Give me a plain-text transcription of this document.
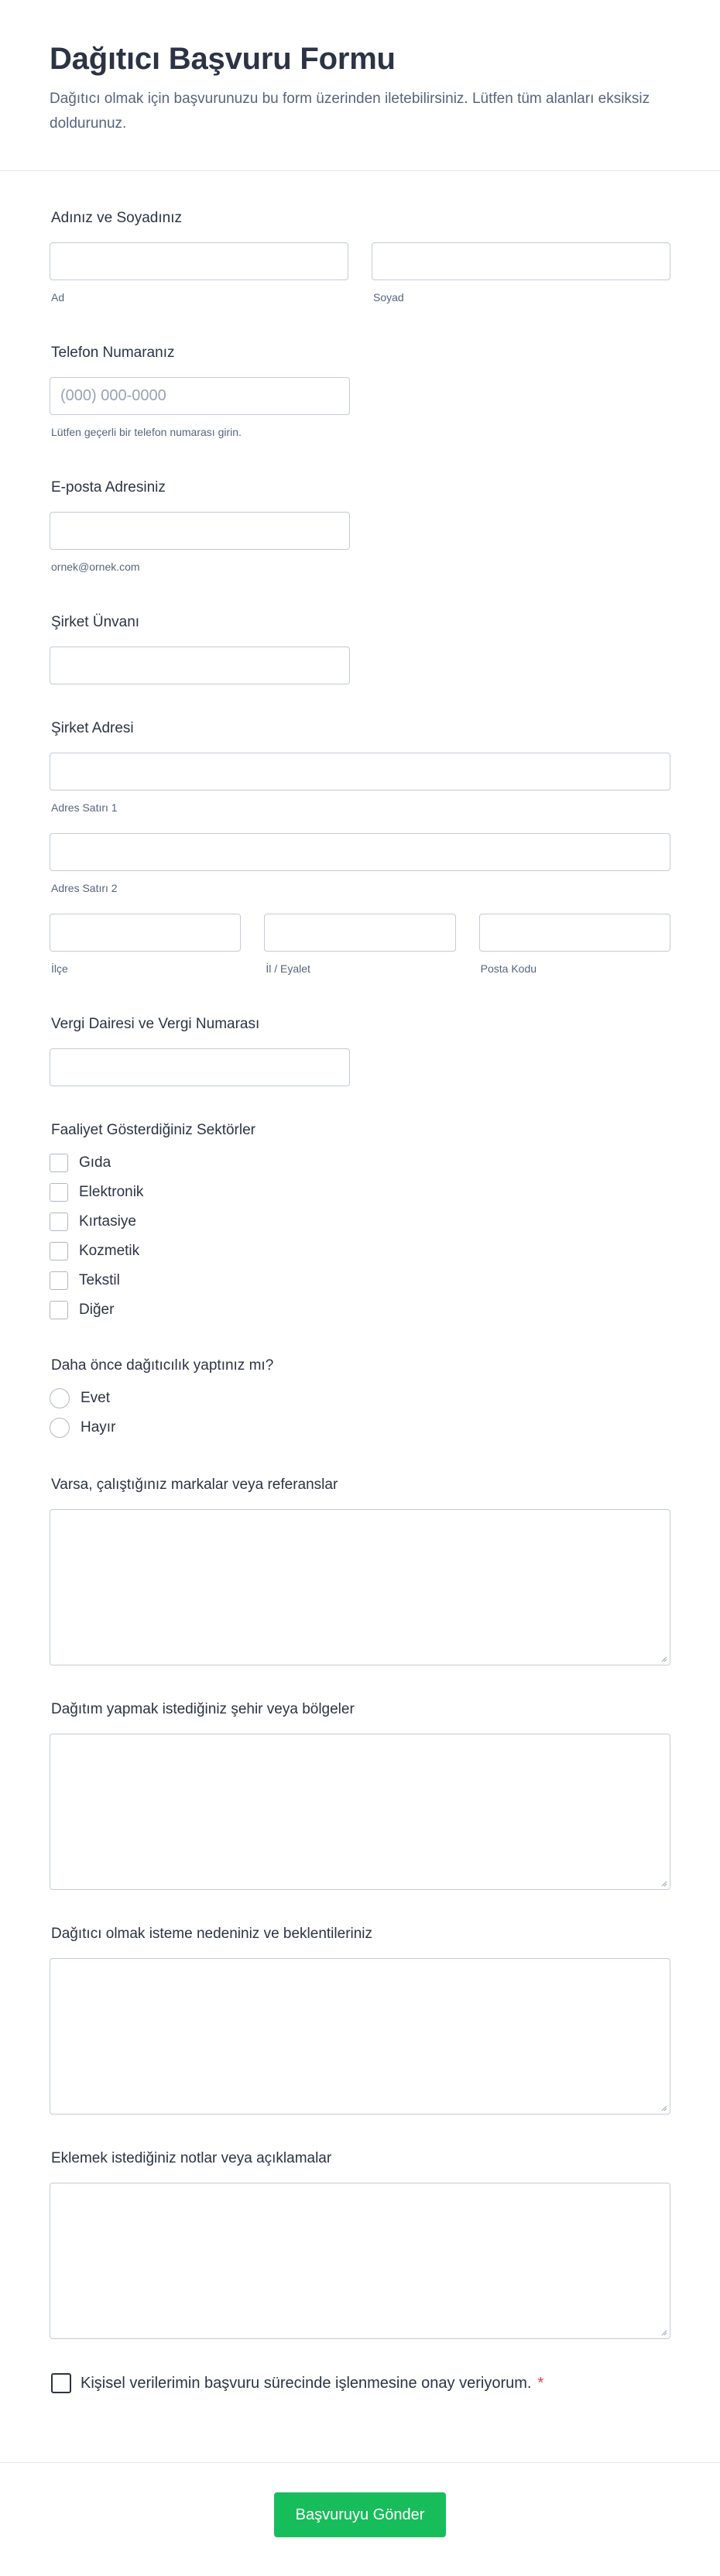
Dağıtıcı Başvuru Formu

Dağıtıcı olmak için başvurunuzu bu form üzerinden iletebilirsiniz. Lütfen tüm alanları eksiksiz doldurunuz.

Adınız ve Soyadınız
Ad	Soyad
Telefon Numaranız
(000) 000-0000
Lütfen geçerli bir telefon numarası girin.
E-posta Adresiniz
ornek@ornek.com
Şirket Ünvanı
Şirket Adresi
Adres Satırı 1
Adres Satırı 2
İlçe	İl / Eyalet	Posta Kodu
Vergi Dairesi ve Vergi Numarası
Faaliyet Gösterdiğiniz Sektörler
Gıda
Elektronik
Kırtasiye
Kozmetik
Tekstil
Diğer
Daha önce dağıtıcılık yaptınız mı?
Evet
Hayır
Varsa, çalıştığınız markalar veya referanslar
Dağıtım yapmak istediğiniz şehir veya bölgeler
Dağıtıcı olmak isteme nedeniniz ve beklentileriniz
Eklemek istediğiniz notlar veya açıklamalar
Kişisel verilerimin başvuru sürecinde işlenmesine onay veriyorum. *
Başvuruyu Gönder
